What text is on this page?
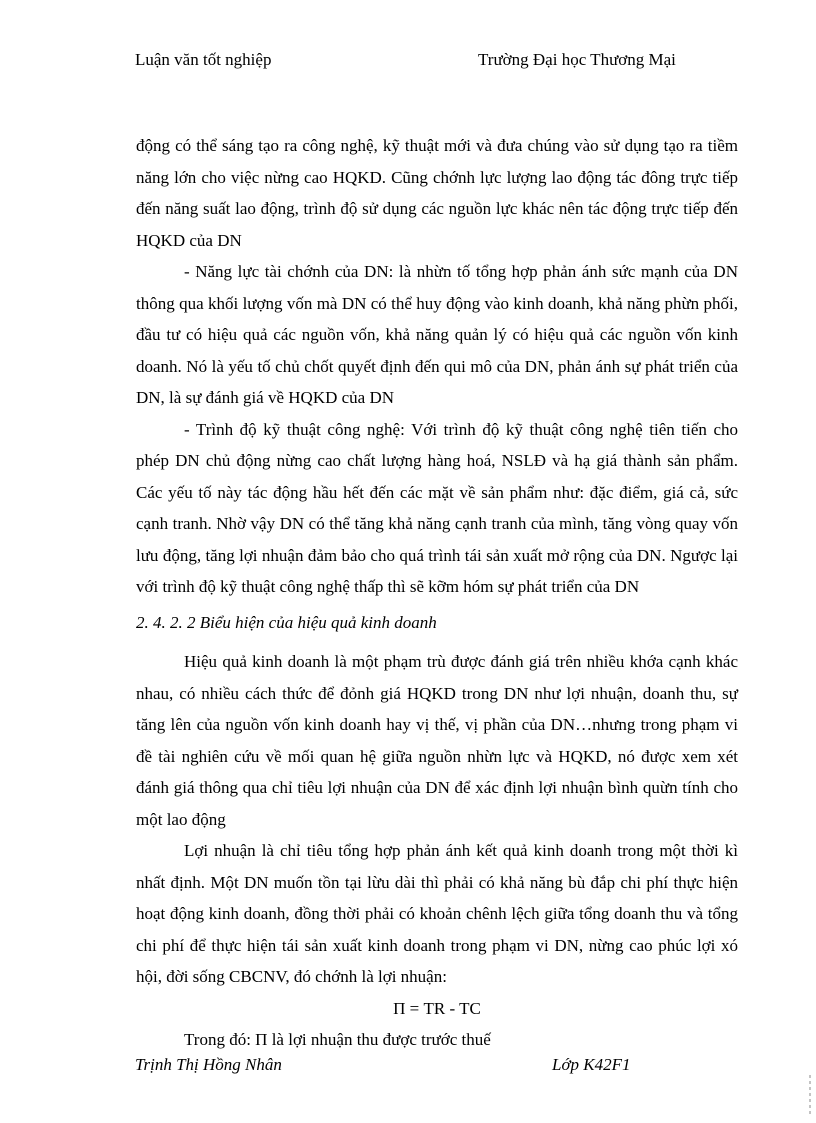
Luận văn tốt nghiệp	Trường Đại học Thương Mại

động có thể sáng tạo ra công nghệ, kỹ thuật mới và đưa chúng vào sử dụng tạo ra tiềm năng lớn cho việc nừng cao HQKD. Cũng chớnh lực lượng lao động tác đông trực tiếp đến năng suất lao động, trình độ sử dụng các nguồn lực khác nên tác động trực tiếp đến HQKD của DN

- Năng lực tài chớnh của DN: là nhừn tố tổng hợp phản ánh sức mạnh của DN thông qua khối lượng vốn mà DN có thể huy động vào kinh doanh, khả năng phừn phối, đầu tư có hiệu quả các nguồn vốn, khả năng quản lý có hiệu quả các nguồn vốn kinh doanh. Nó là yếu tố chủ chốt quyết định đến qui mô của DN, phản ánh sự phát triển của DN, là sự đánh giá về HQKD của DN

- Trình độ kỹ thuật công nghệ: Với trình độ kỹ thuật công nghệ tiên tiến cho phép DN chủ động nừng cao chất lượng hàng hoá, NSLĐ và hạ giá thành sản phẩm. Các yếu tố này tác động hầu hết đến các mặt về sản phẩm như: đặc điểm, giá cả, sức cạnh tranh. Nhờ vậy DN có thể tăng khả năng cạnh tranh của mình, tăng vòng quay vốn lưu động, tăng lợi nhuận đảm bảo cho quá trình tái sản xuất mở rộng của DN. Ngược lại với trình độ kỹ thuật công nghệ thấp thì sẽ kỡm hóm sự phát triển của DN

2. 4. 2. 2 Biểu hiện của hiệu quả kinh doanh

Hiệu quả kinh doanh là một phạm trù được đánh giá trên nhiều khớa cạnh khác nhau, có nhiều cách thức để đỏnh giá HQKD trong DN như lợi nhuận, doanh thu, sự tăng lên của nguồn vốn kinh doanh hay vị thế, vị phần của DN…nhưng trong phạm vi đề tài nghiên cứu về mối quan hệ giữa nguồn nhừn lực và HQKD, nó được xem xét đánh giá thông qua chỉ tiêu lợi nhuận của DN để xác định lợi nhuận bình quừn tính cho một lao động

Lợi nhuận là chỉ tiêu tổng hợp phản ánh kết quả kinh doanh trong một thời kì nhất định. Một DN muốn tồn tại lừu dài thì phải có khả năng bù đắp chi phí thực hiện hoạt động kinh doanh, đồng thời phải có khoản chênh lệch giữa tổng doanh thu và tổng chi phí để thực hiện tái sản xuất kinh doanh trong phạm vi DN, nừng cao phúc lợi xó hội, đời sống CBCNV, đó chớnh là lợi nhuận:

Π = TR - TC

Trong đó: Π là lợi nhuận thu được trước thuế

Trịnh Thị Hồng Nhân	Lớp K42F1
